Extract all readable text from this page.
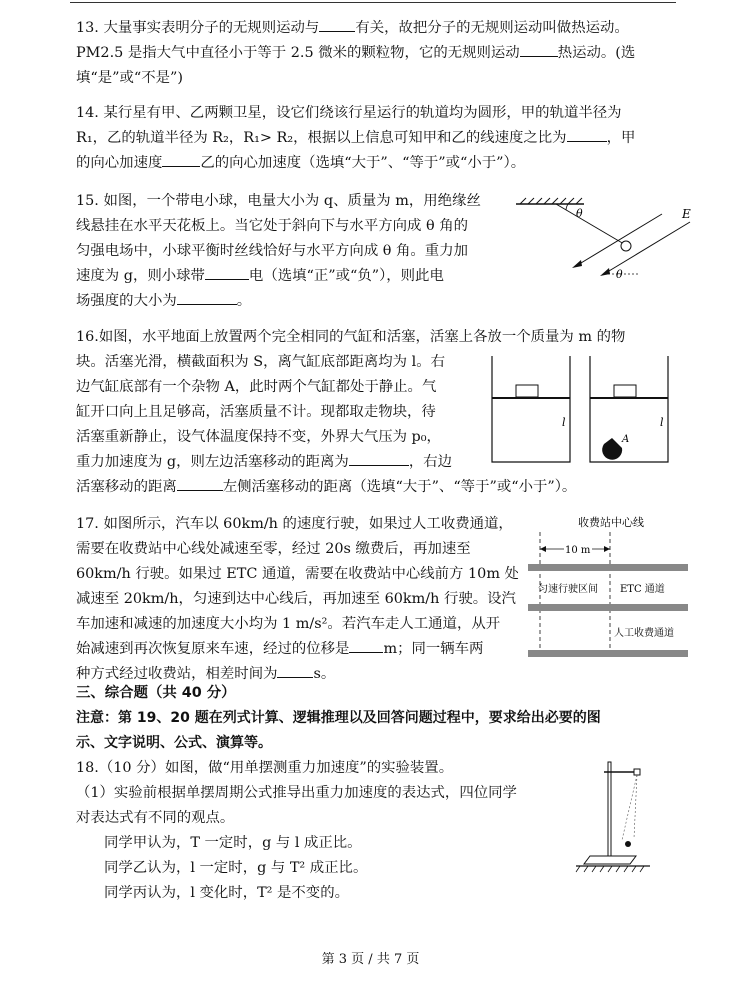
13. 大量事实表明分子的无规则运动与	有关，故把分子的无规则运动叫做热运动。
PM2.5 是指大气中直径小于等于 2.5 微米的颗粒物，它的无规则运动	热运动。(选
填“是”或“不是”)
14. 某行星有甲、乙两颗卫星，设它们绕该行星运行的轨道均为圆形，甲的轨道半径为
R₁，乙的轨道半径为 R₂，R₁> R₂，根据以上信息可知甲和乙的线速度之比为	，甲
的向心加速度	乙的向心加速度（选填“大于”、“等于”或“小于”）。
15. 如图，一个带电小球，电量大小为 q、质量为 m，用绝缘丝
线悬挂在水平天花板上。当它处于斜向下与水平方向成 θ 角的
匀强电场中，小球平衡时丝线恰好与水平方向成 θ 角。重力加
速度为 g，则小球带	电（选填“正”或“负”），则此电
场强度的大小为	。
θ	E
θ
16.如图，水平地面上放置两个完全相同的气缸和活塞，活塞上各放一个质量为 m 的物
块。活塞光滑，横截面积为 S，离气缸底部距离均为 l。右
边气缸底部有一个杂物 A，此时两个气缸都处于静止。气
缸开口向上且足够高，活塞质量不计。现都取走物块，待
活塞重新静止，设气体温度保持不变，外界大气压为 p₀，
重力加速度为 g，则左边活塞移动的距离为	，右边
活塞移动的距离	左侧活塞移动的距离（选填“大于”、“等于”或“小于”）。
l
A
l
17. 如图所示，汽车以 60km/h 的速度行驶，如果过人工收费通道，
需要在收费站中心线处减速至零，经过 20s 缴费后，再加速至
60km/h 行驶。如果过 ETC 通道，需要在收费站中心线前方 10m 处
减速至 20km/h，匀速到达中心线后，再加速至 60km/h 行驶。设汽
车加速和减速的加速度大小均为 1 m/s²。若汽车走人工通道，从开
始减速到再次恢复原来车速，经过的位移是 m；同一辆车两
种方式经过收费站，相差时间为	s。
收费站中心线
10 m
匀速行驶区间 ETC 通道
人工收费通道
三、综合题（共 40 分）
注意：第 19、20 题在列式计算、逻辑推理以及回答问题过程中，要求给出必要的图
示、文字说明、公式、演算等。
18.（10 分）如图，做“用单摆测重力加速度”的实验装置。
（1）实验前根据单摆周期公式推导出重力加速度的表达式，四位同学
对表达式有不同的观点。
同学甲认为，T 一定时，g 与 l 成正比。
同学乙认为，l 一定时，g 与 T² 成正比。
同学丙认为，l 变化时，T² 是不变的。
第 3 页 / 共 7 页
